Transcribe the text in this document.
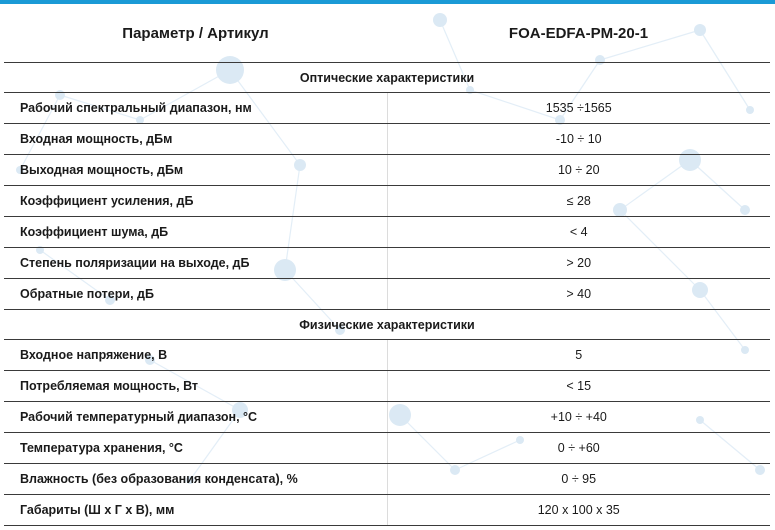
Параметр / Артикул	FOA-EDFA-PM-20-1
Оптические характеристики	
Рабочий спектральный диапазон, нм	1535 ÷1565
Входная мощность, дБм	-10 ÷ 10
Выходная мощность, дБм	10 ÷ 20
Коэффициент усиления, дБ	≤ 28
Коэффициент шума, дБ	< 4
Степень поляризации на выходе, дБ	> 20
Обратные потери, дБ	> 40
Физические характеристики	
Входное напряжение, В	5
Потребляемая мощность, Вт	< 15
Рабочий температурный диапазон, °С	+10 ÷ +40
Температура хранения, °С	0 ÷ +60
Влажность (без образования конденсата), %	0 ÷ 95
Габариты (Ш х Г х В), мм	120 х 100 х 35
